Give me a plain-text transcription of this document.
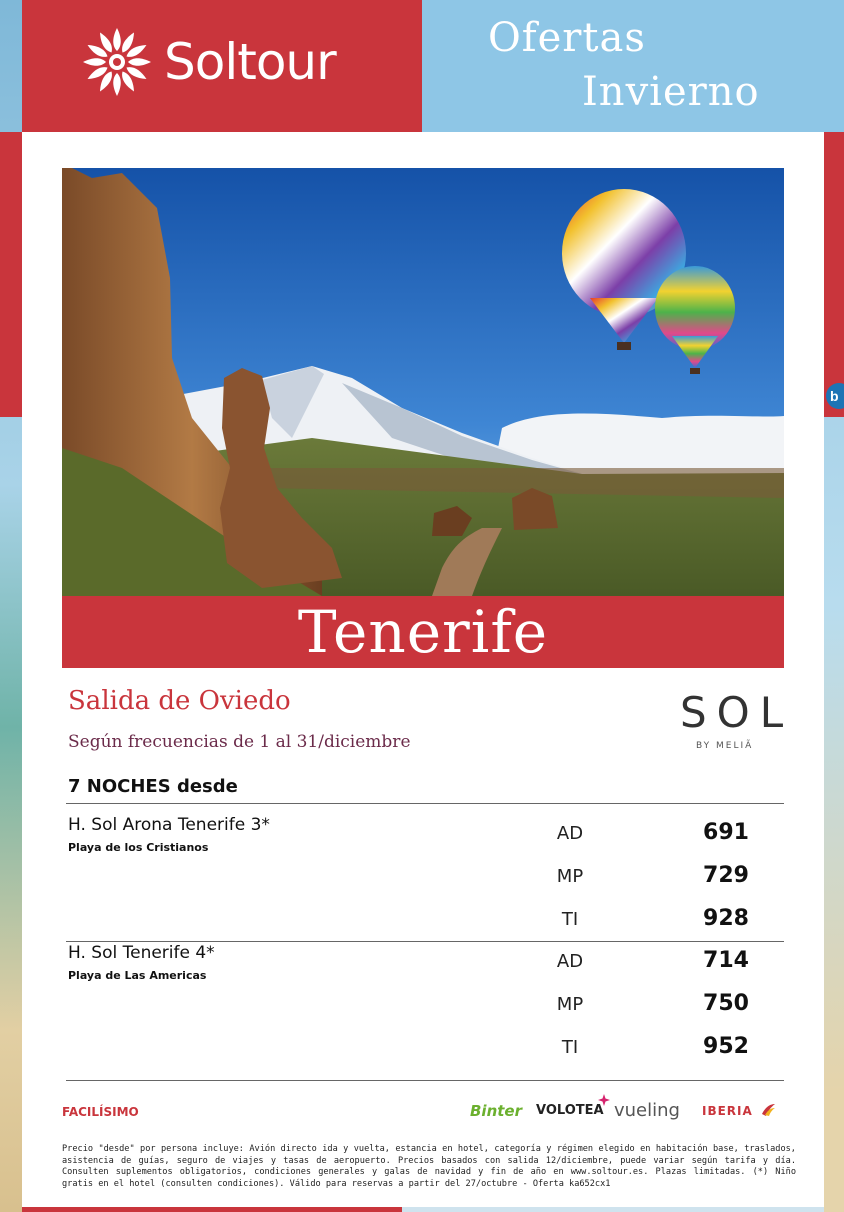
b
Soltour	Ofertas
Invierno
Tenerife
Salida de Oviedo
Según frecuencias de 1 al 31/diciembre
SOL
BY MELIÃ
7 NOCHES desde
H. Sol Arona Tenerife 3*
Playa de los Cristianos
AD	691
MP	729
TI	928
H. Sol Tenerife 4*
Playa de Las Americas
AD	714
MP	750
TI	952
FACILÍSIMO	Binter VOLOTEA vueling IBERIA
Precio "desde" por persona incluye: Avión directo ida y vuelta, estancia en hotel, categoría y régimen elegido en habitación base, traslados, asistencia de guías, seguro de viajes y tasas de aeropuerto. Precios basados con salida 12/diciembre, puede variar según tarifa y día. Consulten suplementos obligatorios, condiciones generales y galas de navidad y fin de año en www.soltour.es. Plazas limitadas. (*) Niño gratis en el hotel (consulten condiciones). Válido para reservas a partir del 27/octubre - Oferta ka652cx1
